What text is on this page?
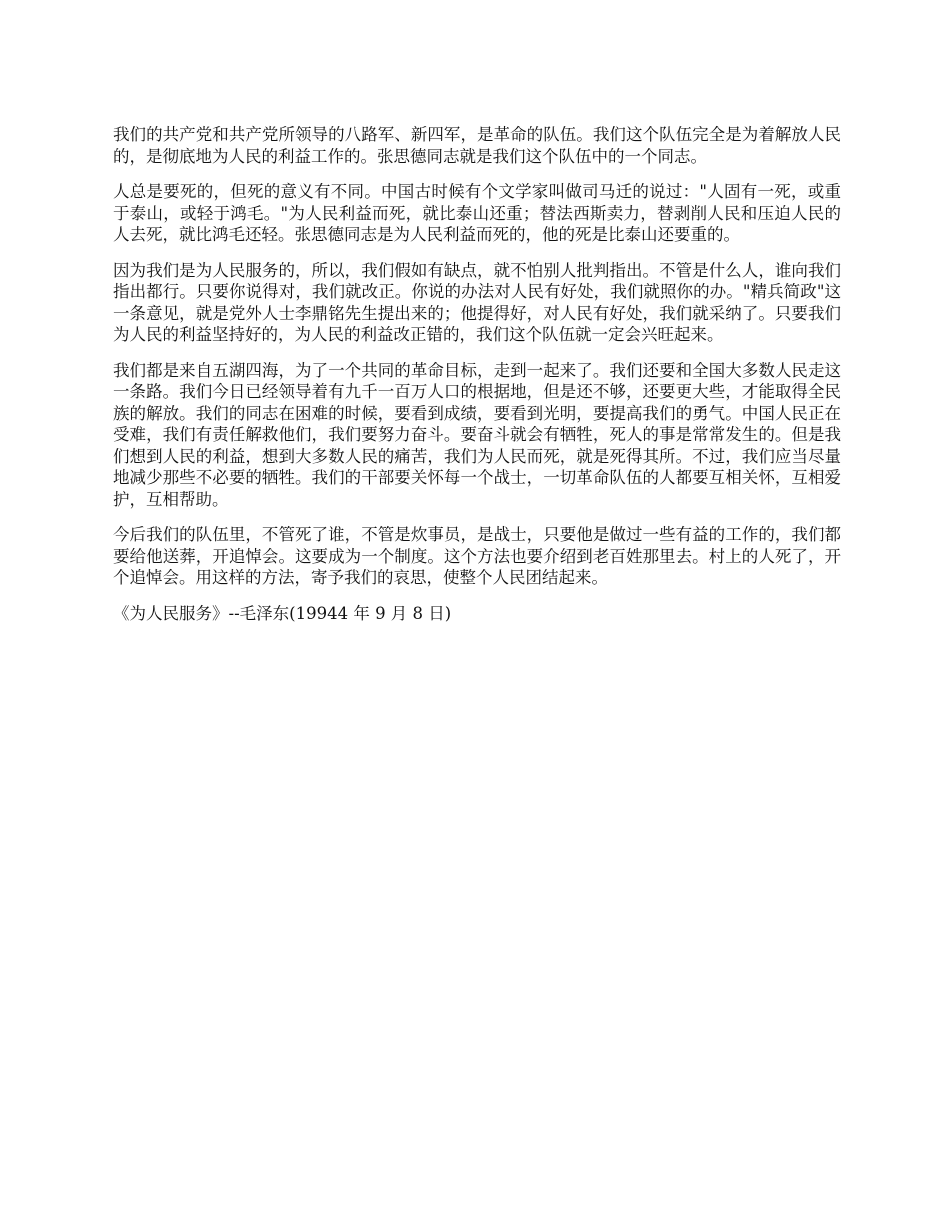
我们的共产党和共产党所领导的八路军、新四军，是革命的队伍。我们这个队伍完全是为着解放人民的，是彻底地为人民的利益工作的。张思德同志就是我们这个队伍中的一个同志。

人总是要死的，但死的意义有不同。中国古时候有个文学家叫做司马迁的说过："人固有一死，或重于泰山，或轻于鸿毛。"为人民利益而死，就比泰山还重；替法西斯卖力，替剥削人民和压迫人民的人去死，就比鸿毛还轻。张思德同志是为人民利益而死的，他的死是比泰山还要重的。

因为我们是为人民服务的，所以，我们假如有缺点，就不怕别人批判指出。不管是什么人，谁向我们指出都行。只要你说得对，我们就改正。你说的办法对人民有好处，我们就照你的办。"精兵简政"这一条意见，就是党外人士李鼎铭先生提出来的；他提得好，对人民有好处，我们就采纳了。只要我们为人民的利益坚持好的，为人民的利益改正错的，我们这个队伍就一定会兴旺起来。

我们都是来自五湖四海，为了一个共同的革命目标，走到一起来了。我们还要和全国大多数人民走这一条路。我们今日已经领导着有九千一百万人口的根据地，但是还不够，还要更大些，才能取得全民族的解放。我们的同志在困难的时候，要看到成绩，要看到光明，要提高我们的勇气。中国人民正在受难，我们有责任解救他们，我们要努力奋斗。要奋斗就会有牺牲，死人的事是常常发生的。但是我们想到人民的利益，想到大多数人民的痛苦，我们为人民而死，就是死得其所。不过，我们应当尽量地减少那些不必要的牺牲。我们的干部要关怀每一个战士，一切革命队伍的人都要互相关怀，互相爱护，互相帮助。

今后我们的队伍里，不管死了谁，不管是炊事员，是战士，只要他是做过一些有益的工作的，我们都要给他送葬，开追悼会。这要成为一个制度。这个方法也要介绍到老百姓那里去。村上的人死了，开个追悼会。用这样的方法，寄予我们的哀思，使整个人民团结起来。

《为人民服务》--毛泽东(19944 年 9 月 8 日)
